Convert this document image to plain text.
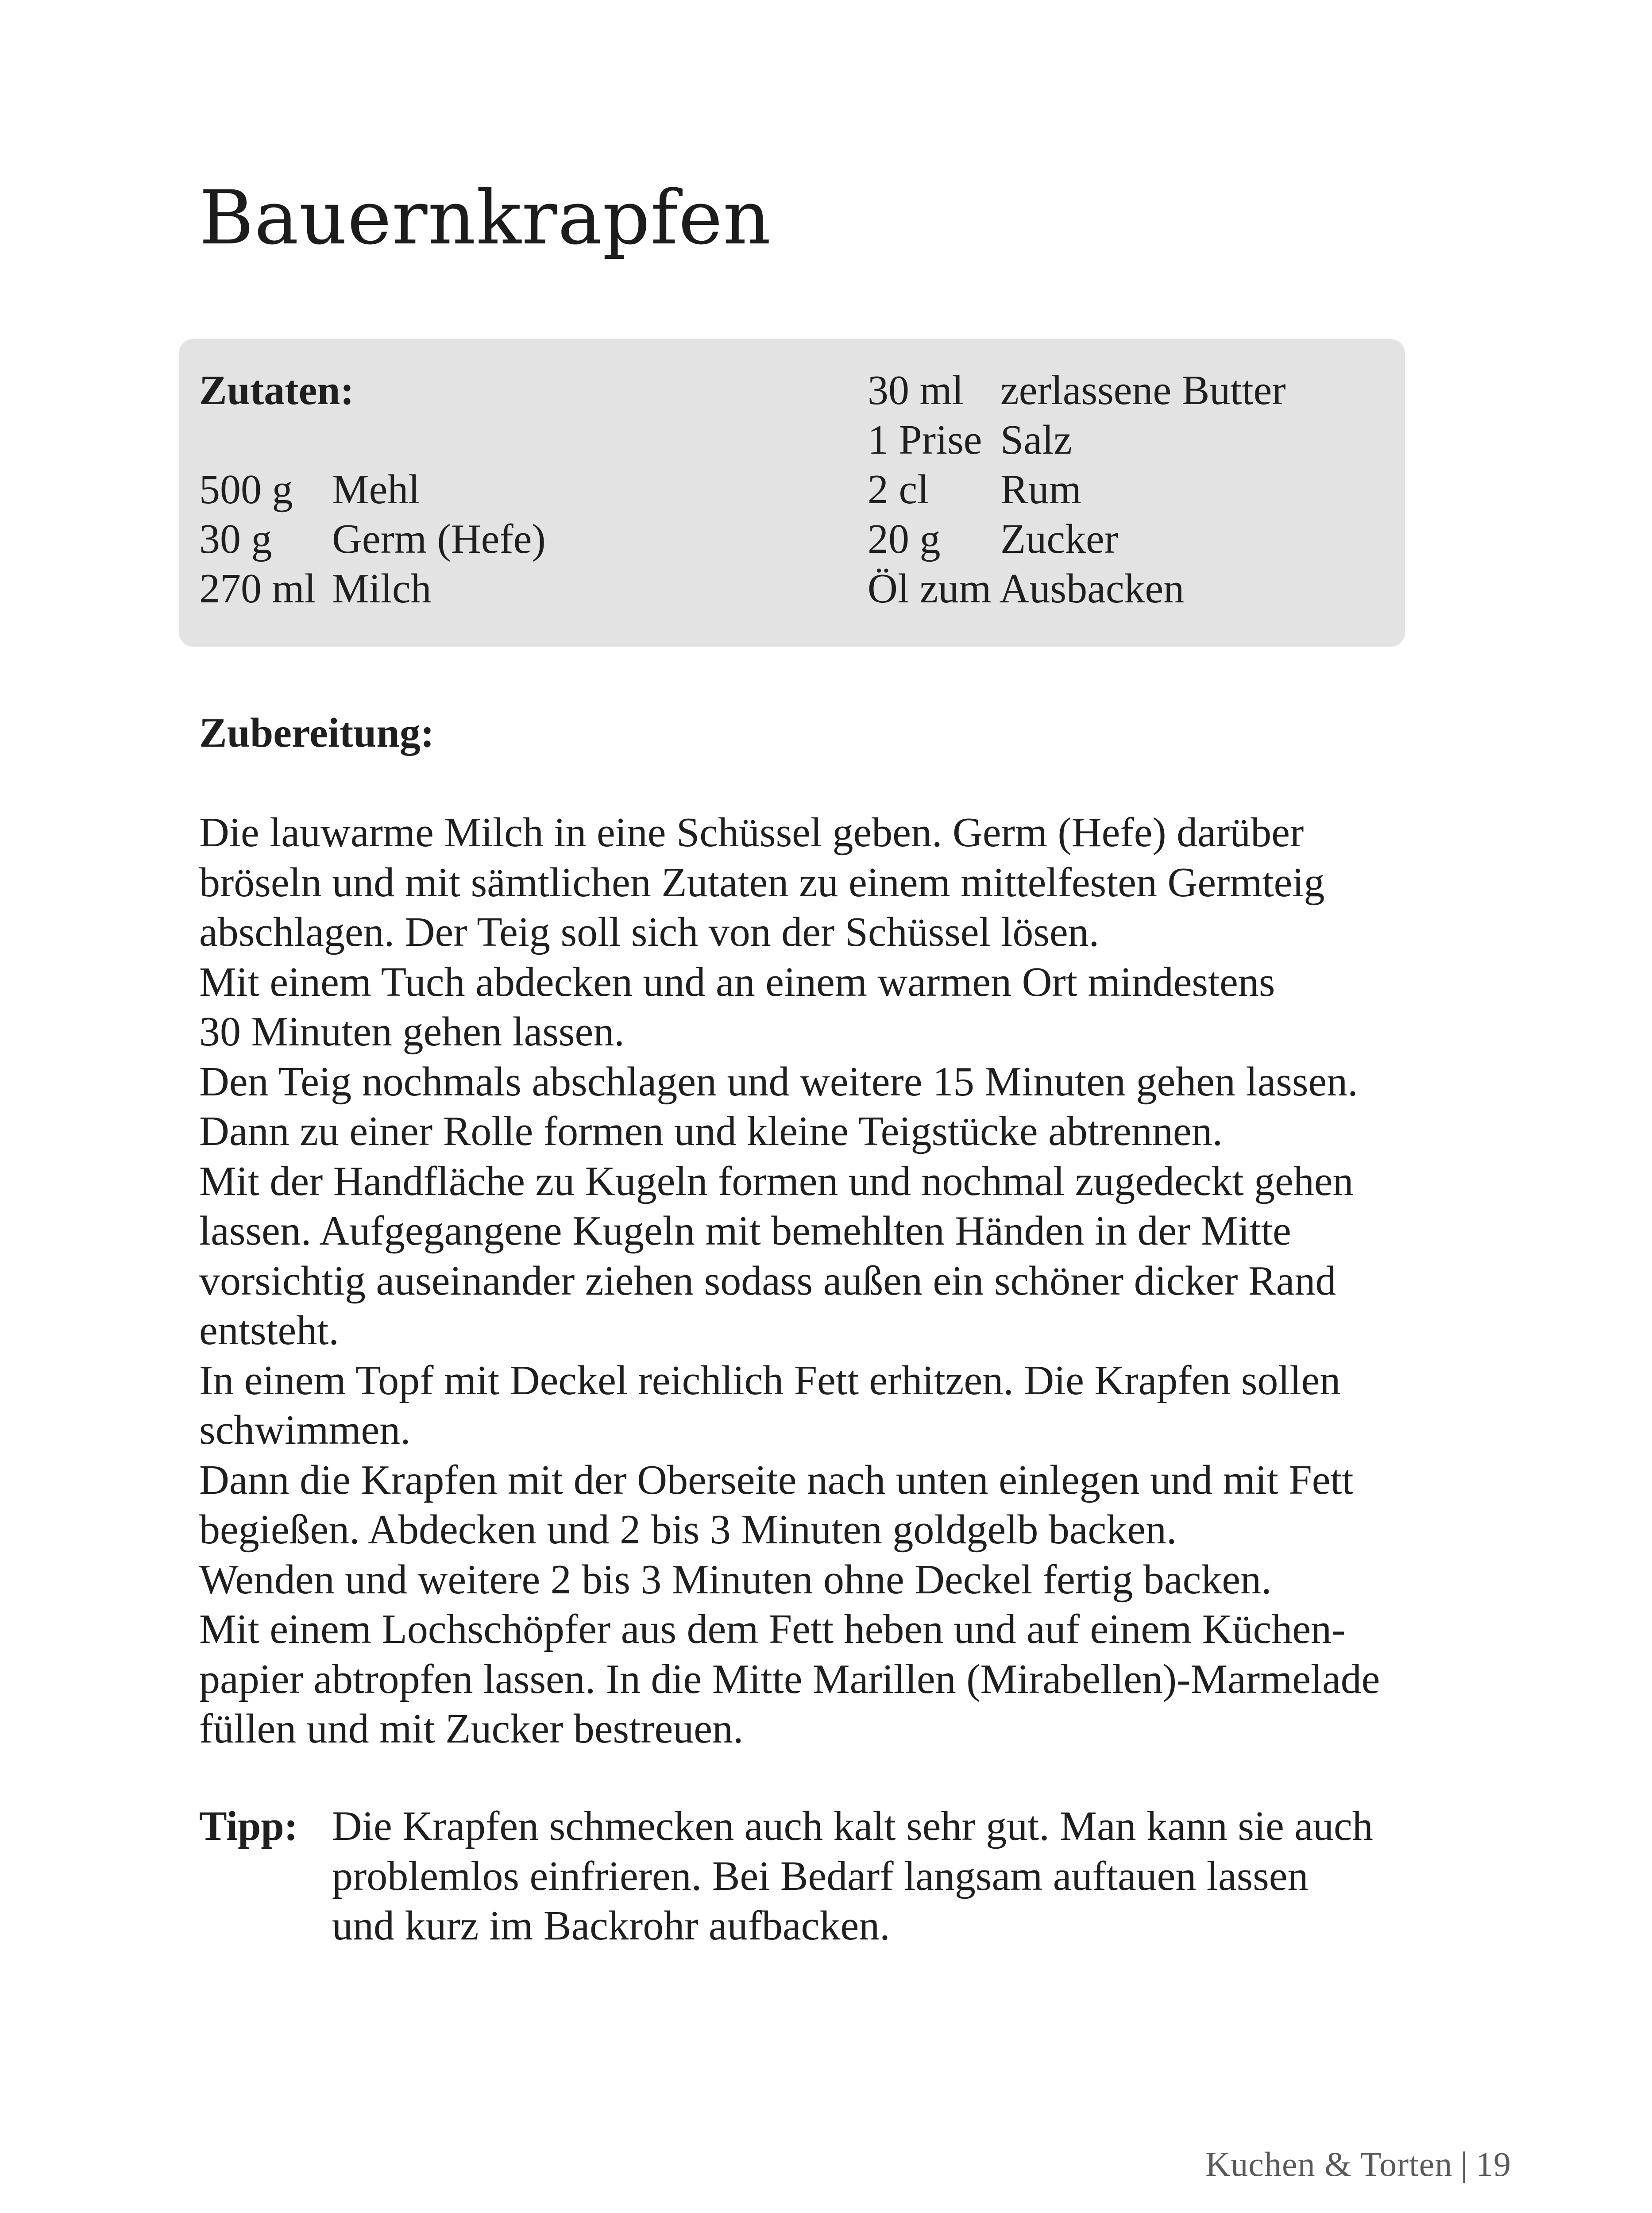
Bauernkrapfen
Zutaten:
500 g Mehl
30 g	Germ (Hefe)
270 ml Milch
30 ml zerlassene Butter
1 Prise Salz
2 cl	Rum
20 g	Zucker
Öl zum Ausbacken
Zubereitung:
Die lauwarme Milch in eine Schüssel geben. Germ (Hefe) darüber
bröseln und mit sämtlichen Zutaten zu einem mittelfesten Germteig
abschlagen. Der Teig soll sich von der Schüssel lösen.
Mit einem Tuch abdecken und an einem warmen Ort mindestens
30 Minuten gehen lassen.
Den Teig nochmals abschlagen und weitere 15 Minuten gehen lassen.
Dann zu einer Rolle formen und kleine Teigstücke abtrennen.
Mit der Handfläche zu Kugeln formen und nochmal zugedeckt gehen
lassen. Aufgegangene Kugeln mit bemehlten Händen in der Mitte
vorsichtig auseinander ziehen sodass außen ein schöner dicker Rand
entsteht.
In einem Topf mit Deckel reichlich Fett erhitzen. Die Krapfen sollen
schwimmen.
Dann die Krapfen mit der Oberseite nach unten einlegen und mit Fett
begießen. Abdecken und 2 bis 3 Minuten goldgelb backen.
Wenden und weitere 2 bis 3 Minuten ohne Deckel fertig backen.
Mit einem Lochschöpfer aus dem Fett heben und auf einem Küchen-
papier abtropfen lassen. In die Mitte Marillen (Mirabellen)-Marmelade
füllen und mit Zucker bestreuen.
Tipp: Die Krapfen schmecken auch kalt sehr gut. Man kann sie auch
problemlos einfrieren. Bei Bedarf langsam auftauen lassen
und kurz im Backrohr aufbacken.
Kuchen & Torten | 19
